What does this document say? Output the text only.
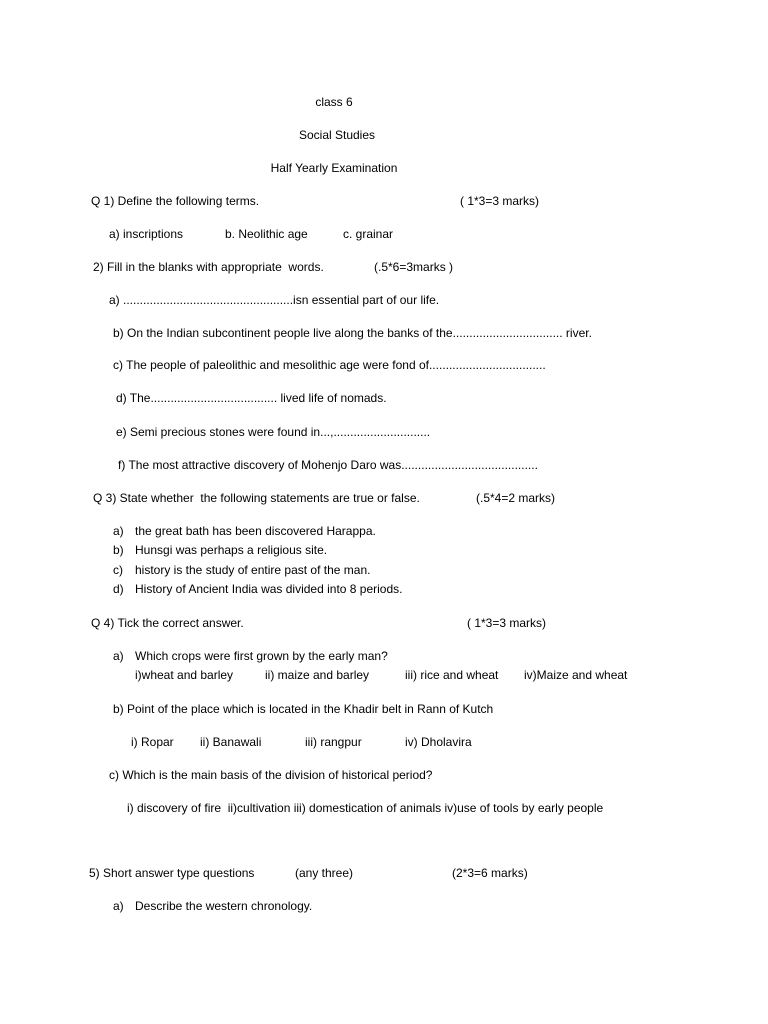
class 6
Social Studies
Half Yearly Examination
Q 1) Define the following terms.	( 1*3=3 marks)
a) inscriptions	b. Neolithic age	c. grainar
2) Fill in the blanks with appropriate  words.	(.5*6=3marks )
a) ...................................................isn essential part of our life.
b) On the Indian subcontinent people live along the banks of the................................. river.
c) The people of paleolithic and mesolithic age were fond of...................................
d) The...................................... lived life of nomads.
e) Semi precious stones were found in...,.............................
f) The most attractive discovery of Mohenjo Daro was.........................................
Q 3) State whether  the following statements are true or false.	(.5*4=2 marks)
a) the great bath has been discovered Harappa.
b) Hunsgi was perhaps a religious site.
c)	history is the study of entire past of the man.
d) History of Ancient India was divided into 8 periods.
Q 4) Tick the correct answer.	( 1*3=3 marks)
a) Which crops were first grown by the early man?
i)wheat and barley	ii) maize and barley	iii) rice and wheat iv)Maize and wheat
b) Point of the place which is located in the Khadir belt in Rann of Kutch
i) Ropar ii) Banawali	iii) rangpur	iv) Dholavira
c) Which is the main basis of the division of historical period?
i) discovery of fire  ii)cultivation iii) domestication of animals iv)use of tools by early people
5) Short answer type questions	(any three)	(2*3=6 marks)
a) Describe the western chronology.
